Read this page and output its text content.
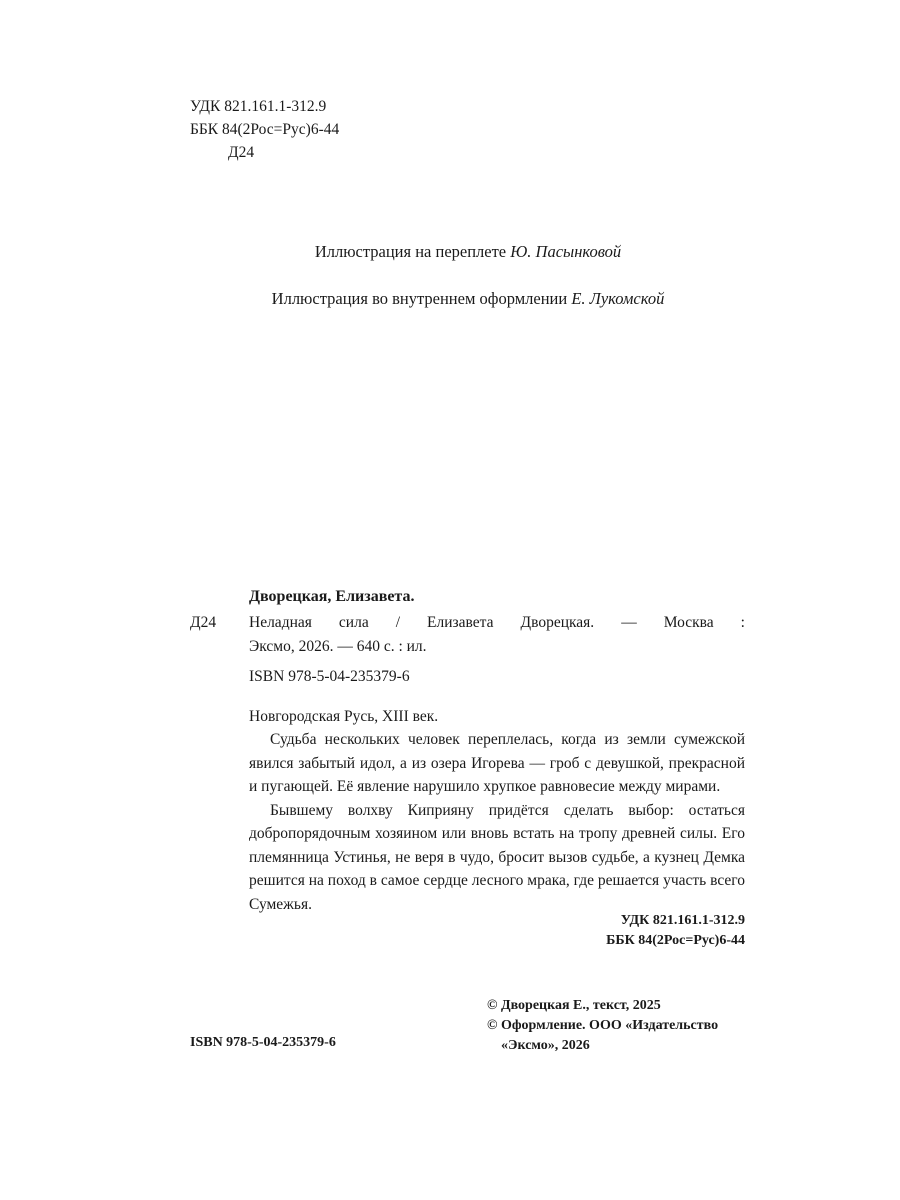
УДК 821.161.1-312.9
ББК 84(2Рос=Рус)6-44
Д24
Иллюстрация на переплете Ю. Пасынковой
Иллюстрация во внутреннем оформлении Е. Лукомской
Дворецкая, Елизавета.
Д24 Неладная сила / Елизавета Дворецкая. — Москва :
Эксмо, 2026. — 640 с. : ил.
ISBN 978-5-04-235379-6
Новгородская Русь, XIII век.
Судьба нескольких человек переплелась, когда из земли сумежской явился забытый идол, а из озера Игорева — гроб с девушкой, прекрасной и пугающей. Её явление нарушило хрупкое равновесие между мирами.
Бывшему волхву Киприяну придётся сделать выбор: остаться добропорядочным хозяином или вновь встать на тропу древней силы. Его племянница Устинья, не веря в чудо, бросит вызов судьбе, а кузнец Демка решится на поход в самое сердце лесного мрака, где решается участь всего Сумежья.
УДК 821.161.1-312.9
ББК 84(2Рос=Рус)6-44
ISBN 978-5-04-235379-6
© Дворецкая Е., текст, 2025
© Оформление. ООО «Издательство
«Эксмо», 2026
